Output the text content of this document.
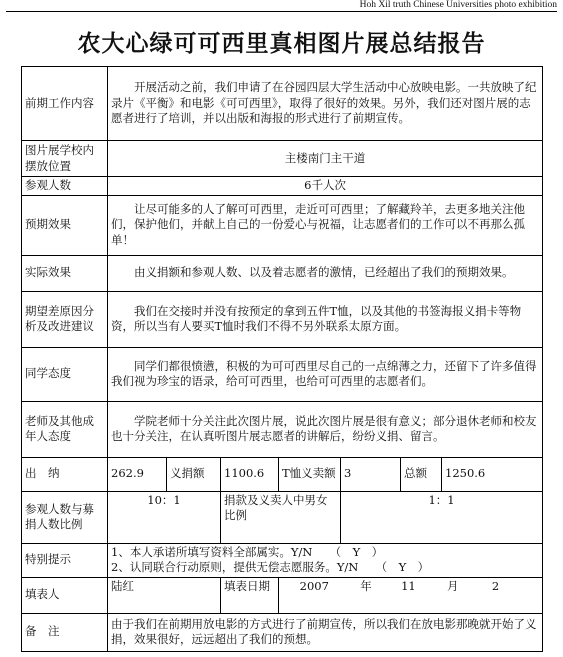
Hoh Xil truth Chinese Universities photo exhibition
农大心绿可可西里真相图片展总结报告
前期工作内容	开展活动之前，我们申请了在谷园四层大学生活动中心放映电影。一共放映了纪录片《平衡》和电影《可可西里》，取得了很好的效果。另外，我们还对图片展的志愿者进行了培训，并以出版和海报的形式进行了前期宣传。						
图片展学校内摆放位置	主楼南门主干道						
参观人数	6千人次						
预期效果	让尽可能多的人了解可可西里，走近可可西里；了解藏羚羊，去更多地关注他们，保护他们，并献上自己的一份爱心与祝福，让志愿者们的工作可以不再那么孤单！						
实际效果	由义捐额和参观人数、以及着志愿者的激情，已经超出了我们的预期效果。						
期望差原因分析及改进建议	我们在交接时并没有按预定的拿到五件T恤，以及其他的书签海报义捐卡等物资，所以当有人要买T恤时我们不得不另外联系太原方面。						
同学态度	同学们都很愤懑，积极的为可可西里尽自己的一点绵薄之力，还留下了许多值得我们视为珍宝的语录，给可可西里，也给可可西里的志愿者们。						
老师及其他成年人态度	学院老师十分关注此次图片展，说此次图片展是很有意义；部分退休老师和校友也十分关注，在认真听图片展志愿者的讲解后，纷纷义捐、留言。						
出　纳	262.9	义捐额	1100.6	T恤义卖额	3	总额	1250.6
参观人数与募捐人数比例	10：1		捐款及义卖人中男女比例		1：1		
特别提示	1、本人承诺所填写资料全部属实。Y/N　　（　Y　）
2、认同联合行动原则，提供无偿志愿服务。Y/N　　（　Y　）						

填表人	陆红		填表日期	2007 年 11 月 2			
备　注	由于我们在前期用放电影的方式进行了前期宣传，所以我们在放电影那晚就开始了义捐，效果很好，远远超出了我们的预想。						
